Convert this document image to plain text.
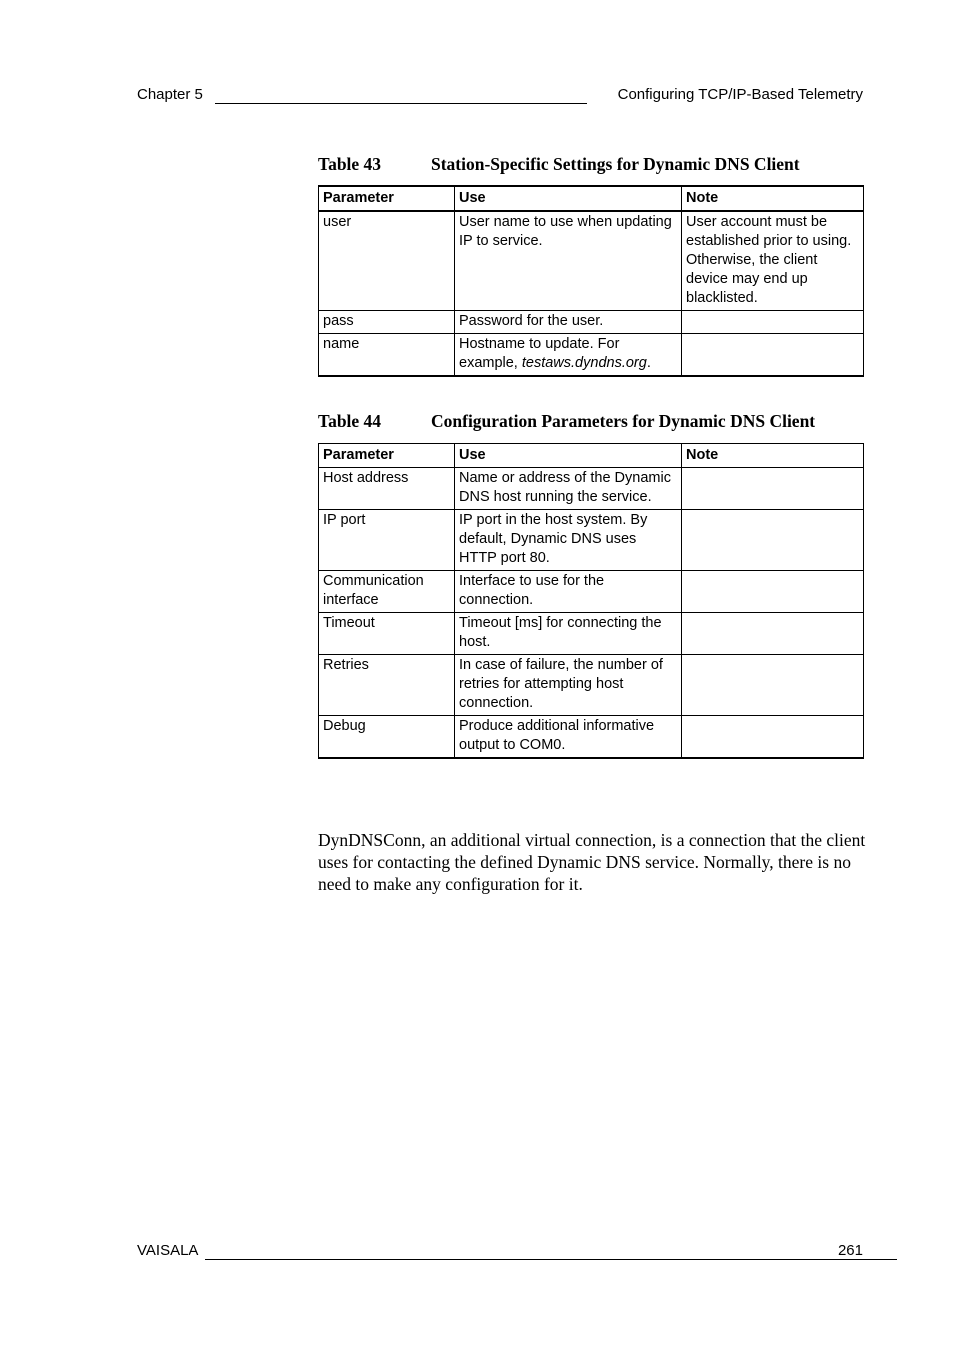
Chapter 5	Configuring TCP/IP-Based Telemetry
Table 43	Station-Specific Settings for Dynamic DNS Client
Parameter	Use	Note
user	User name to use when updating IP to service.	User account must be established prior to using. Otherwise, the client device may end up blacklisted.
pass	Password for the user.	
name	Hostname to update. For example, testaws.dyndns.org.	
Table 44	Configuration Parameters for Dynamic DNS Client
Parameter	Use	Note
Host address	Name or address of the Dynamic DNS host running the service.	
IP port	IP port in the host system. By default, Dynamic DNS uses HTTP port 80.	
Communication interface	Interface to use for the connection.	
Timeout	Timeout [ms] for connecting the host.	
Retries	In case of failure, the number of retries for attempting host connection.	
Debug	Produce additional informative output to COM0.	

DynDNSConn, an additional virtual connection, is a connection that the client uses for contacting the defined Dynamic DNS service. Normally, there is no need to make any configuration for it.

VAISALA	261
